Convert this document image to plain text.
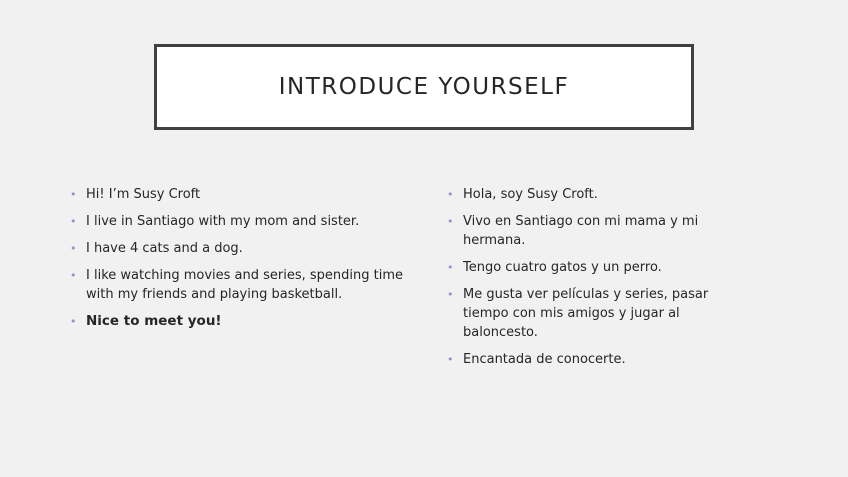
INTRODUCE YOURSELF
• Hi! I’m Susy Croft
• I live in Santiago with my mom and sister.
• I have 4 cats and a dog.
• I like watching movies and series, spending time with my friends and playing basketball.
• Nice to meet you!
• Hola, soy Susy Croft.
• Vivo en Santiago con mi mama y mi hermana.
• Tengo cuatro gatos y un perro.
• Me gusta ver películas y series, pasar tiempo con mis amigos y jugar al baloncesto.
• Encantada de conocerte.
